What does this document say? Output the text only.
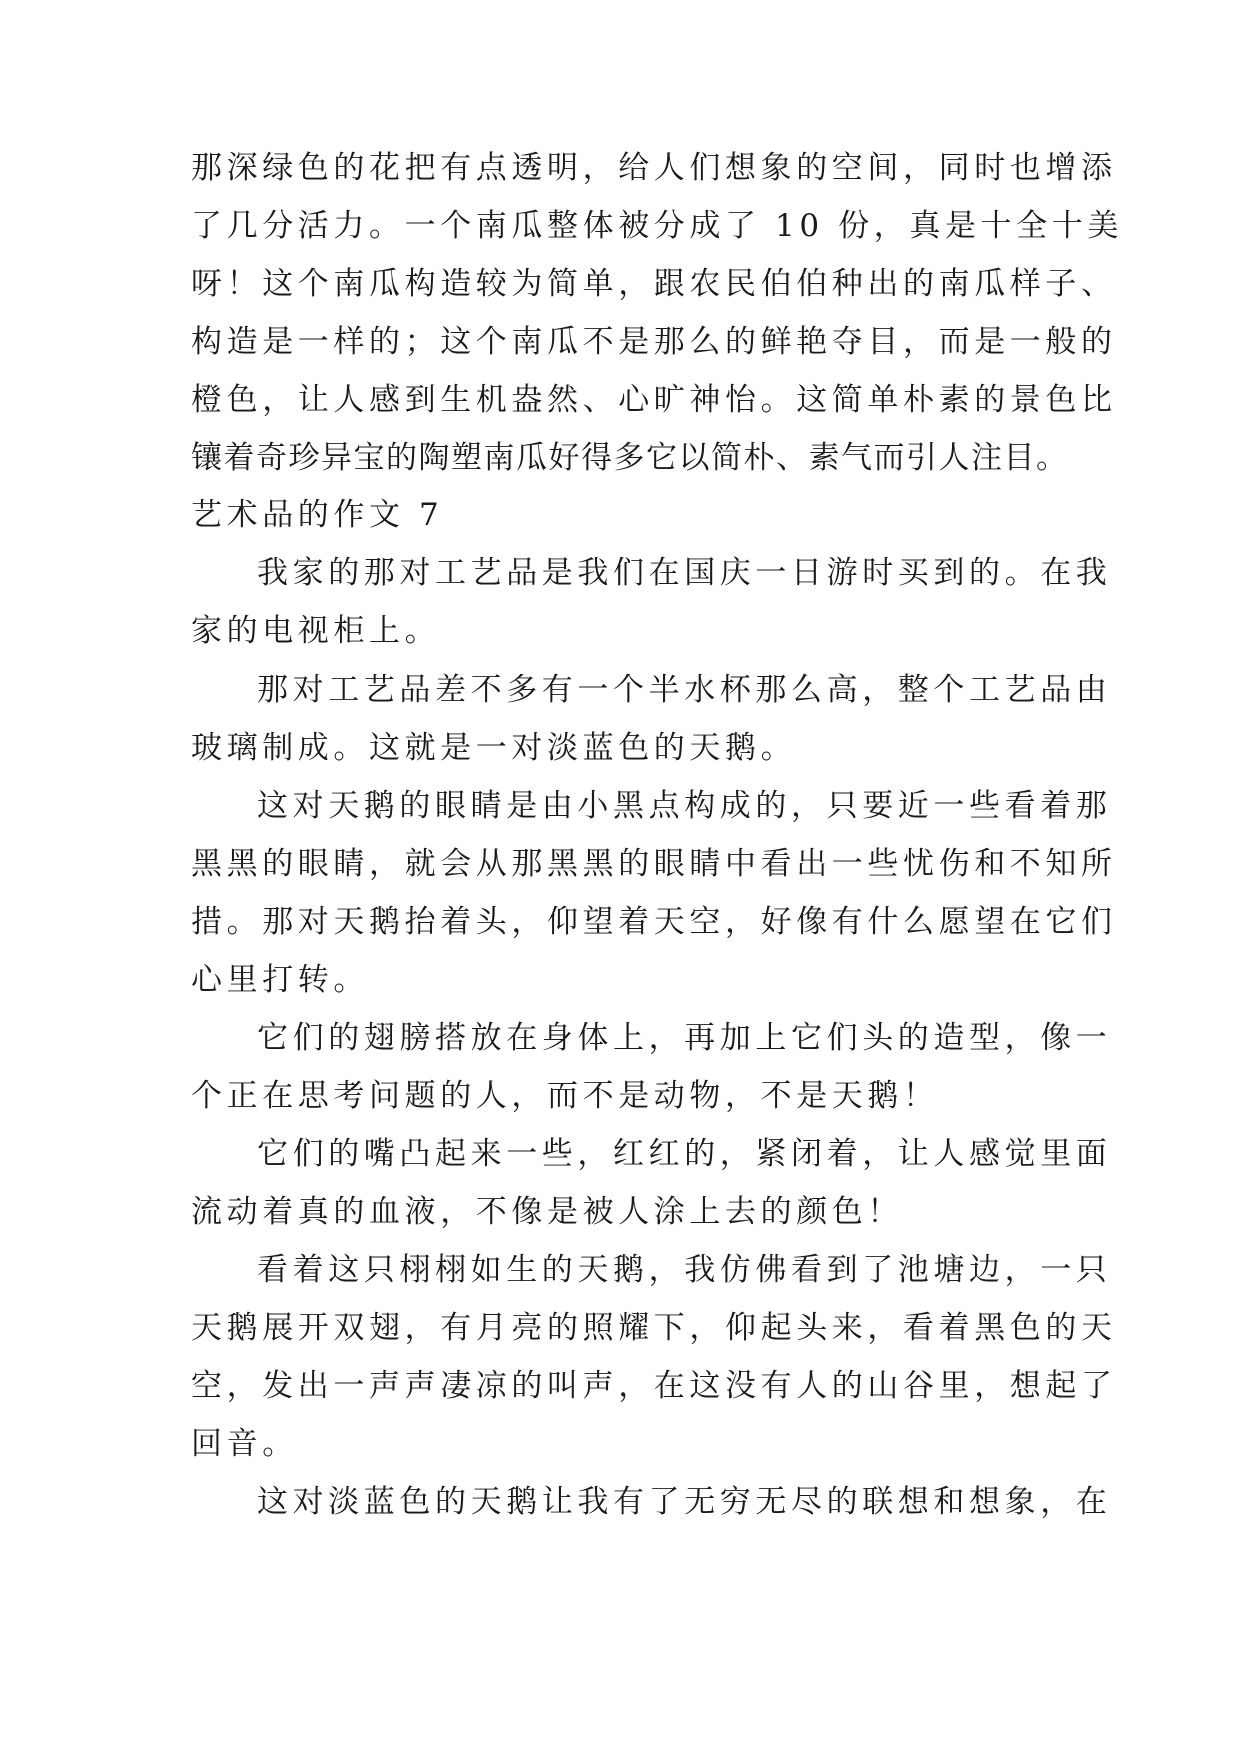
那深绿色的花把有点透明，给人们想象的空间，同时也增添
了几分活力。一个南瓜整体被分成了 10 份，真是十全十美
呀！这个南瓜构造较为简单，跟农民伯伯种出的南瓜样子、
构造是一样的；这个南瓜不是那么的鲜艳夺目，而是一般的
橙色，让人感到生机盎然、心旷神怡。这简单朴素的景色比
镶着奇珍异宝的陶塑南瓜好得多它以简朴、素气而引人注目。
艺术品的作文 7
我家的那对工艺品是我们在国庆一日游时买到的。在我
家的电视柜上。
那对工艺品差不多有一个半水杯那么高，整个工艺品由
玻璃制成。这就是一对淡蓝色的天鹅。
这对天鹅的眼睛是由小黑点构成的，只要近一些看着那
黑黑的眼睛，就会从那黑黑的眼睛中看出一些忧伤和不知所
措。那对天鹅抬着头，仰望着天空，好像有什么愿望在它们
心里打转。
它们的翅膀搭放在身体上，再加上它们头的造型，像一
个正在思考问题的人，而不是动物，不是天鹅！
它们的嘴凸起来一些，红红的，紧闭着，让人感觉里面
流动着真的血液，不像是被人涂上去的颜色！
看着这只栩栩如生的天鹅，我仿佛看到了池塘边，一只
天鹅展开双翅，有月亮的照耀下，仰起头来，看着黑色的天
空，发出一声声凄凉的叫声，在这没有人的山谷里，想起了
回音。
这对淡蓝色的天鹅让我有了无穷无尽的联想和想象，在
